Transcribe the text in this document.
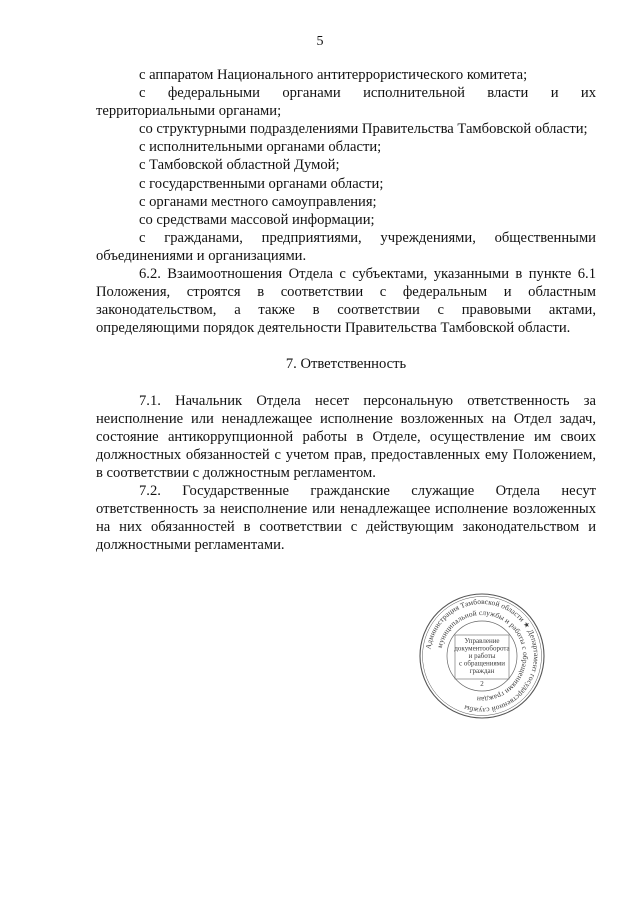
5

с аппаратом Национального антитеррористического комитета;

с федеральными органами исполнительной власти и их территориальными органами;

со структурными подразделениями Правительства Тамбовской области;

с исполнительными органами области;

с Тамбовской областной Думой;

с государственными органами области;

с органами местного самоуправления;

со средствами массовой информации;

с гражданами, предприятиями, учреждениями, общественными объединениями и организациями.

6.2. Взаимоотношения Отдела с субъектами, указанными в пункте 6.1 Положения, строятся в соответствии с федеральным и областным законодательством, а также в соответствии с правовыми актами, определяющими порядок деятельности Правительства Тамбовской области.

7. Ответственность

7.1. Начальник Отдела несет персональную ответственность за неисполнение или ненадлежащее исполнение возложенных на Отдел задач, состояние антикоррупционной работы в Отделе, осуществление им своих должностных обязанностей с учетом прав, предоставленных ему Положением, в соответствии с должностным регламентом.

7.2. Государственные гражданские служащие Отдела несут ответственность за неисполнение или ненадлежащее исполнение возложенных на них обязанностей в соответствии с действующим законодательством и должностными регламентами.

Администрация Тамбовской области ★ Департамент государственной службы
муниципальной службы и работы с обращениями граждан
Управление
документооборота
и работы
с обращениями
граждан
2
